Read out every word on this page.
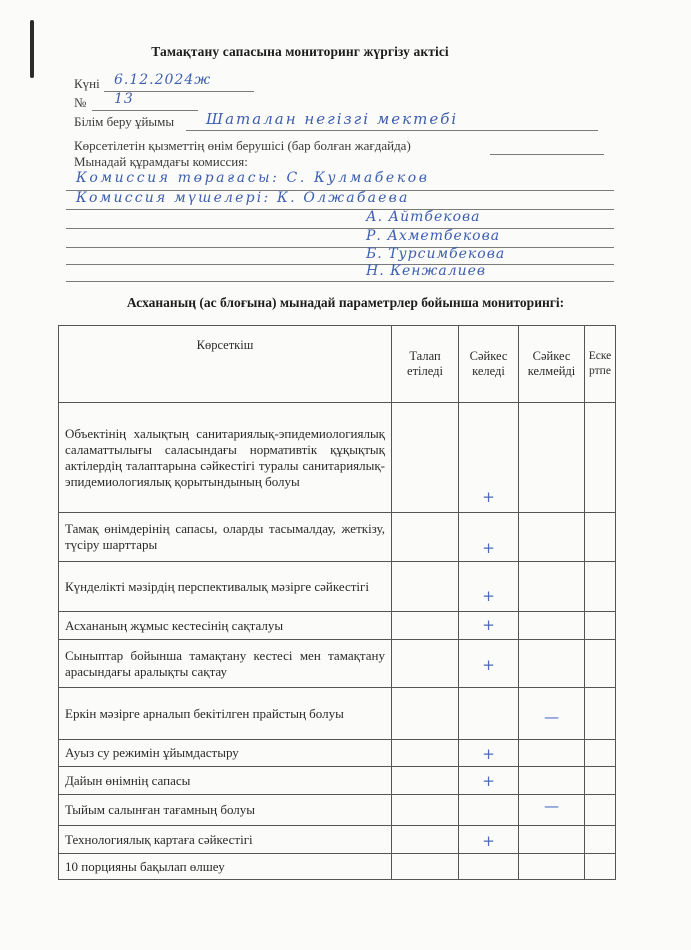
Тамақтану сапасына мониторинг жүргізу актісі
Күні 6.12.2024ж
№ 13
Білім беру ұйымы Шаталан негізгі мектебі
Көрсетілетін қызметтің өнім берушісі (бар болған жағдайда)
Мынадай құрамдағы комиссия:
Комиссия төрағасы: С. Кулмабеков
Комиссия мүшелері: К. Олжабаева
А. Айтбекова
Р. Ахметбекова
Б. Турсимбекова
Н. Кенжалиев
Асхананың (ас блоғына) мынадай параметрлер бойынша мониторингі:
Көрсеткіш	Талап етіледі	Сәйкес келеді	Сәйкес келмейді	Ескертпе
Объектінің халықтың санитариялық-эпидемиологиялық саламаттылығы саласындағы нормативтік құқықтық актілердің талаптарына сәйкестігі туралы санитариялық-эпидемиологиялық қорытындының болуы		+		

Тамақ өнімдерінің сапасы, оларды тасымалдау, жеткізу, түсіру шарттары		+		

Күнделікті мәзірдің перспективалық мәзірге сәйкестігі		+		

Асхананың жұмыс кестесінің сақталуы		+		

Сыныптар бойынша тамақтану кестесі мен тамақтану арасындағы аралықты сақтау		+		

Еркін мәзірге арналып бекітілген прайстың болуы			—	

Ауыз су режимін ұйымдастыру		+		

Дайын өнімнің сапасы		+		

Тыйым салынған тағамның болуы			—	

Технологиялық картаға сәйкестігі		+		

10 порцияны бақылап өлшеу	
